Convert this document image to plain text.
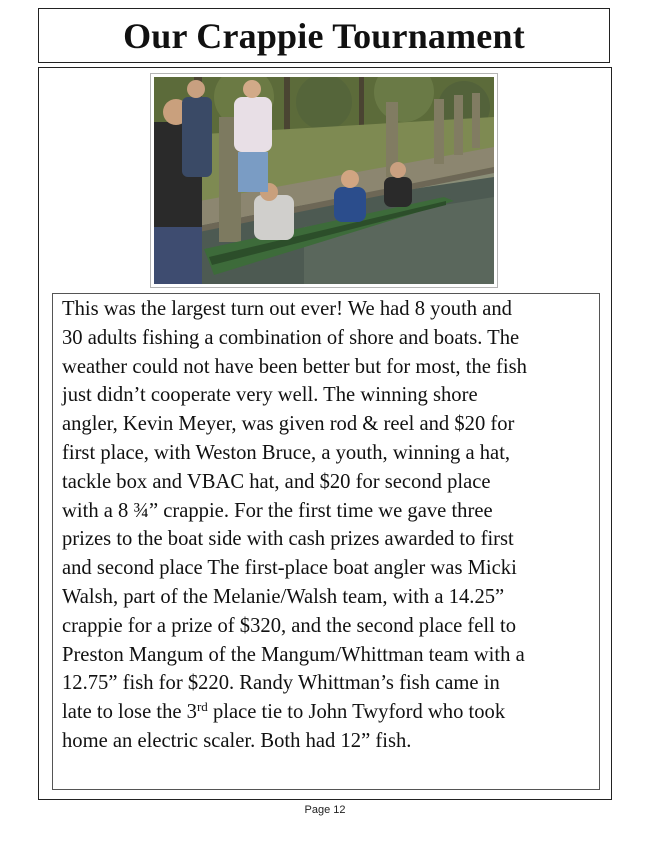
Our Crappie Tournament

This was the largest turn out ever! We had 8 youth and
30 adults fishing a combination of shore and boats. The
weather could not have been better but for most, the fish
just didn’t cooperate very well. The winning shore
angler, Kevin Meyer, was given rod & reel and $20 for
first place, with Weston Bruce, a youth, winning a hat,
tackle box and VBAC hat, and $20 for second place
with a 8 ¾” crappie. For the first time we gave three
prizes to the boat side with cash prizes awarded to first
and second place The first-place boat angler was Micki
Walsh, part of the Melanie/Walsh team, with a 14.25”
crappie for a prize of $320, and the second place fell to
Preston Mangum of the Mangum/Whittman team with a
12.75” fish for $220. Randy Whittman’s fish came in
late to lose the 3rd place tie to John Twyford who took
home an electric scaler. Both had 12” fish.

Page 12
